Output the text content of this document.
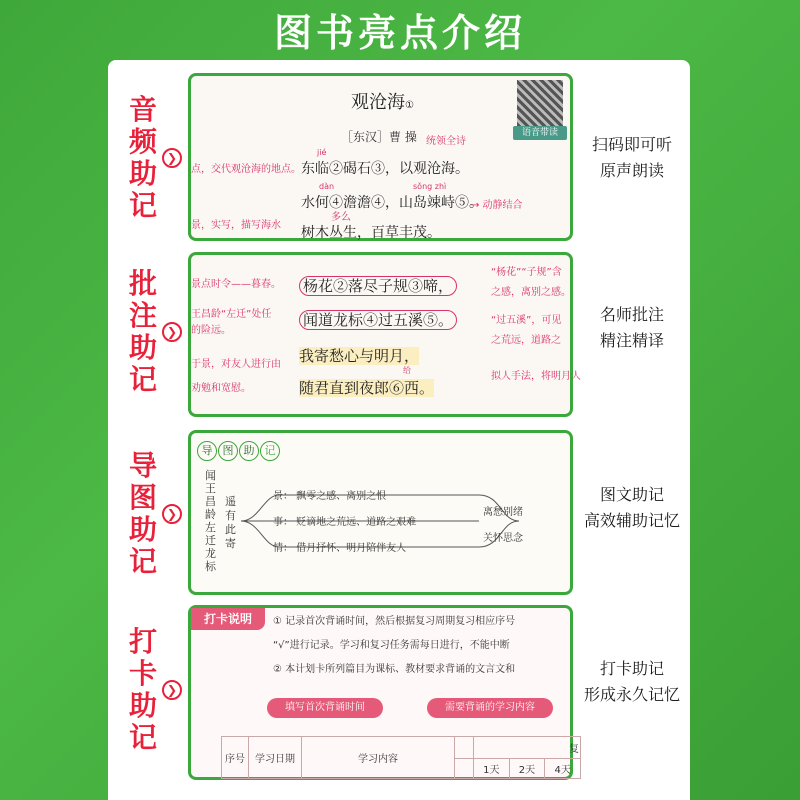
图书亮点介绍
音
频
助
记
❯
批
注
助
记
❯
导
图
助
记
❯
打
卡
助
记
❯
扫码即可听
原声朗读
名师批注
精注精译
图文助记
高效辅助记忆
打卡助记
形成永久记忆
观沧海①
语音带读
［东汉］曹 操 统领全诗
点，交代观沧海的地点。
景，实写，描写海水
jié
东临②碣石③，以观沧海。
dàn	sǒng zhì
水何④澹澹④，山岛竦峙⑤。
多么
→ 动静结合
树木丛生，百草丰茂。
景点时令——暮春。
王昌龄“左迁”处任
的险远。
于景，对友人进行由
劝勉和宽慰。
杨花②落尽子规③啼，
闻道龙标④过五溪⑤。
我寄愁心与明月，
给
随君直到夜郎⑥西。
“杨花”“子规”含
之感，离别之感。
“过五溪”，可见
之荒远，道路之
拟人手法，将明月人
导 图 助 记
闻王昌龄左迁龙标
遥有此寄
景： 飘零之感、离别之恨
事： 贬谪地之荒远、道路之艰难
情： 借月抒怀、明月陪伴友人
离愁别绪
关怀思念
打卡说明	① 记录首次背诵时间，然后根据复习周期复习相应序号
“√”进行记录。学习和复习任务需每日进行，不能中断
② 本计划卡所列篇目为课标、教材要求背诵的文言文和
填写首次背诵时间	需要背诵的学习内容
序号	学习日期	学习内容		复		
				1天	2天	4天
